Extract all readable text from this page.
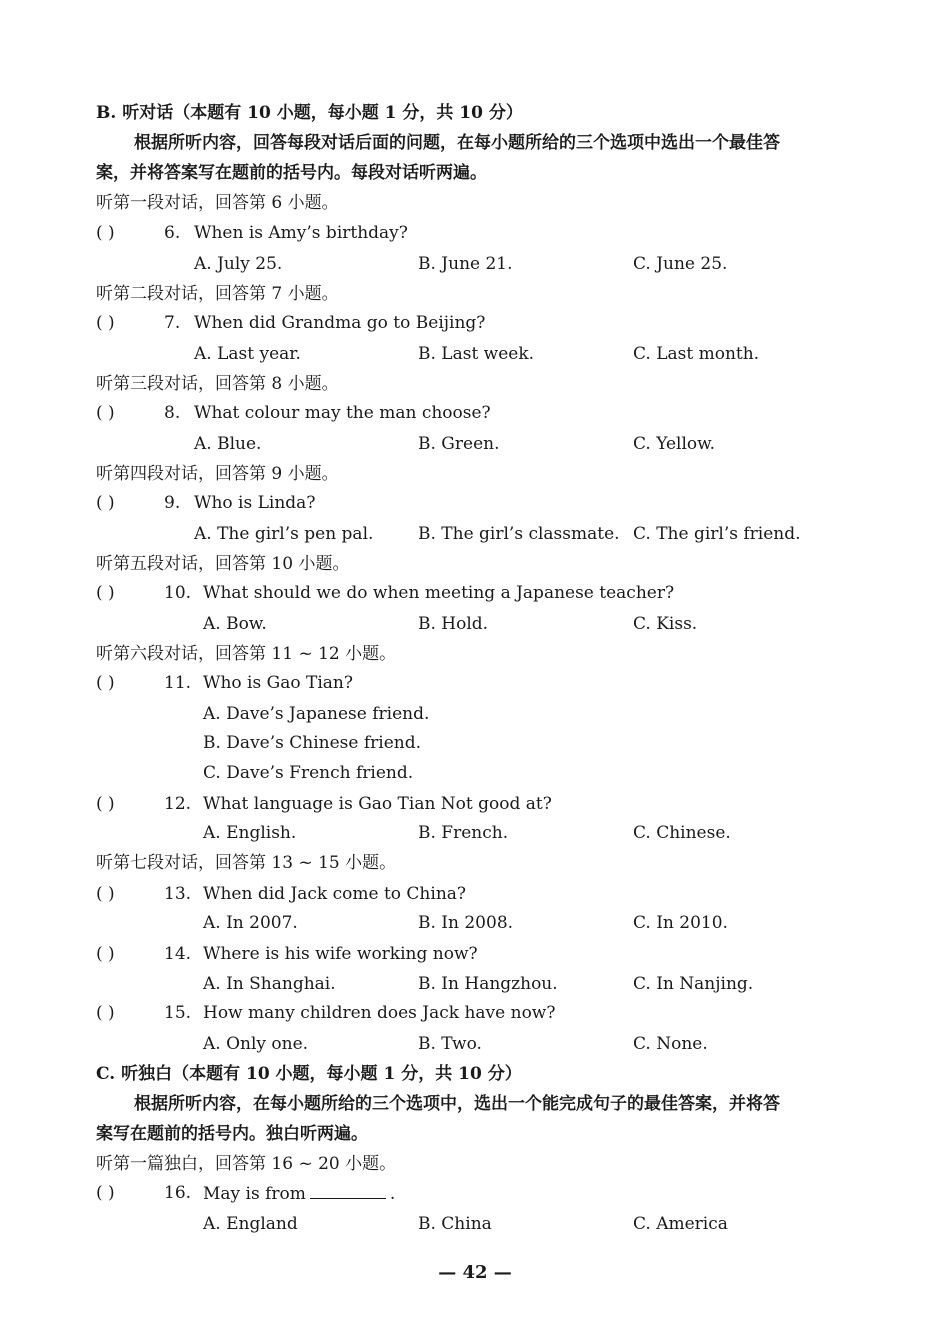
B. 听对话（本题有 10 小题，每小题 1 分，共 10 分）
根据所听内容，回答每段对话后面的问题，在每小题所给的三个选项中选出一个最佳答
案，并将答案写在题前的括号内。每段对话听两遍。
听第一段对话，回答第 6 小题。
( )	6. When is Amy’s birthday?
A. July 25.	B. June 21.	C. June 25.
听第二段对话，回答第 7 小题。
( )	7. When did Grandma go to Beijing?
A. Last year.	B. Last week.	C. Last month.
听第三段对话，回答第 8 小题。
( )	8. What colour may the man choose?
A. Blue.	B. Green.	C. Yellow.
听第四段对话，回答第 9 小题。
( )	9. Who is Linda?
A. The girl’s pen pal.	B. The girl’s classmate. C. The girl’s friend.
听第五段对话，回答第 10 小题。
( )	10. What should we do when meeting a Japanese teacher?
A. Bow.	B. Hold.	C. Kiss.
听第六段对话，回答第 11 ~ 12 小题。
( )	11. Who is Gao Tian?
A. Dave’s Japanese friend.
B. Dave’s Chinese friend.
C. Dave’s French friend.
( )	12. What language is Gao Tian Not good at?
A. English.	B. French.	C. Chinese.
听第七段对话，回答第 13 ~ 15 小题。
( )	13. When did Jack come to China?
A. In 2007.	B. In 2008.	C. In 2010.
( )	14. Where is his wife working now?
A. In Shanghai.	B. In Hangzhou.	C. In Nanjing.
( )	15. How many children does Jack have now?
A. Only one.	B. Two.	C. None.
C. 听独白（本题有 10 小题，每小题 1 分，共 10 分）
根据所听内容，在每小题所给的三个选项中，选出一个能完成句子的最佳答案，并将答
案写在题前的括号内。独白听两遍。
听第一篇独白，回答第 16 ~ 20 小题。
( )	16. May is from	.
A. England	B. China	C. America
— 42 —
